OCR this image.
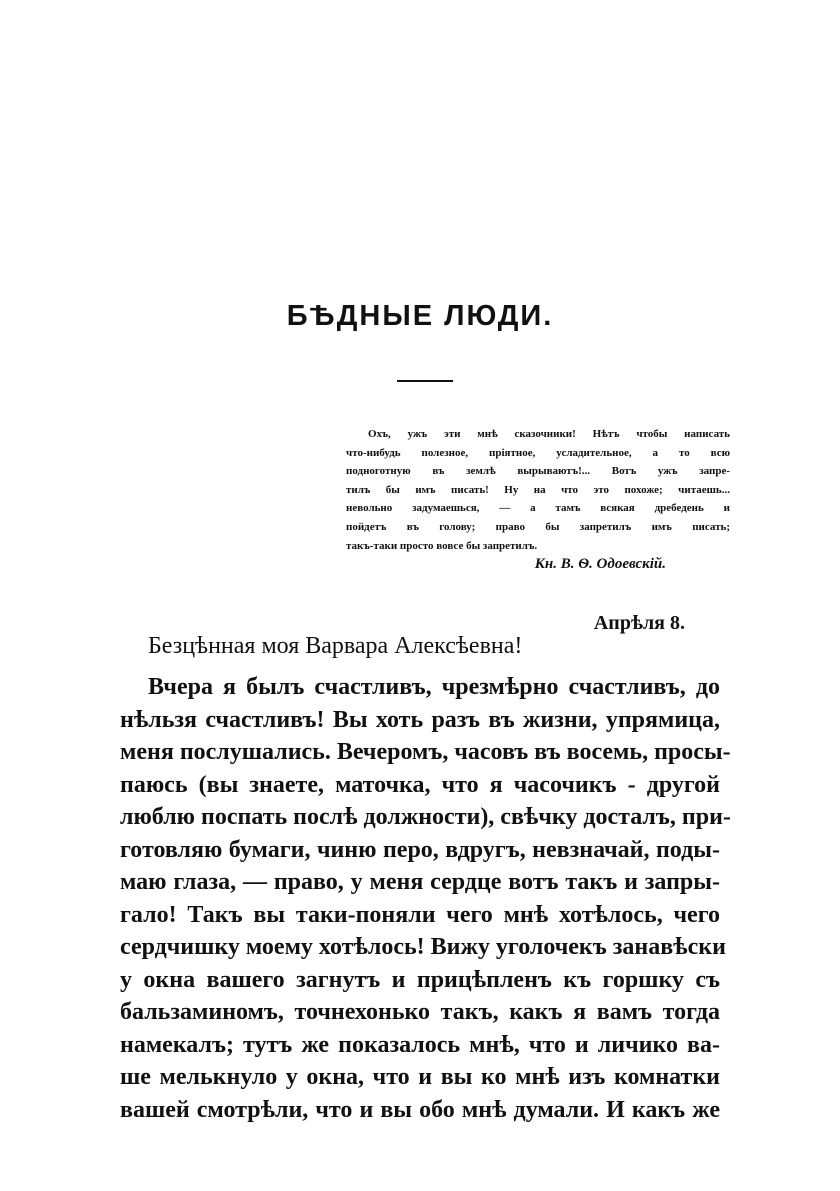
БѢДНЫЕ ЛЮДИ.
Охъ, ужъ эти мнѣ сказочники! Нѣтъ чтобы написать
что-нибудь полезное, пріятное, усладительное, а то всю
подноготную въ землѣ вырываютъ!... Вотъ ужъ запре-
тилъ бы имъ писать! Ну на что это похоже; читаешь...
невольно задумаешься, — а тамъ всякая дребедень и
пойдетъ въ голову; право бы запретилъ имъ писать;
такъ-таки просто вовсе бы запретилъ.
Кн. В. Ѳ. Одоевскій.
Апрѣля 8.
Безцѣнная моя Варвара Алексѣевна!
Вчера я былъ счастливъ, чрезмѣрно счастливъ, до
нѣльзя счастливъ! Вы хоть разъ въ жизни, упрямица,
меня послушались. Вечеромъ, часовъ въ восемь, просы-
паюсь (вы знаете, маточка, что я часочикъ - другой
люблю поспать послѣ должности), свѣчку досталъ, при-
готовляю бумаги, чиню перо, вдругъ, невзначай, поды-
маю глаза, — право, у меня сердце вотъ такъ и запры-
гало! Такъ вы таки-поняли чего мнѣ хотѣлось, чего
сердчишку моему хотѣлось! Вижу уголочекъ занавѣски
у окна вашего загнутъ и прицѣпленъ къ горшку съ
бальзаминомъ, точнехонько такъ, какъ я вамъ тогда
намекалъ; тутъ же показалось мнѣ, что и личико ва-
ше мелькнуло у окна, что и вы ко мнѣ изъ комнатки
вашей смотрѣли, что и вы обо мнѣ думали. И какъ же
